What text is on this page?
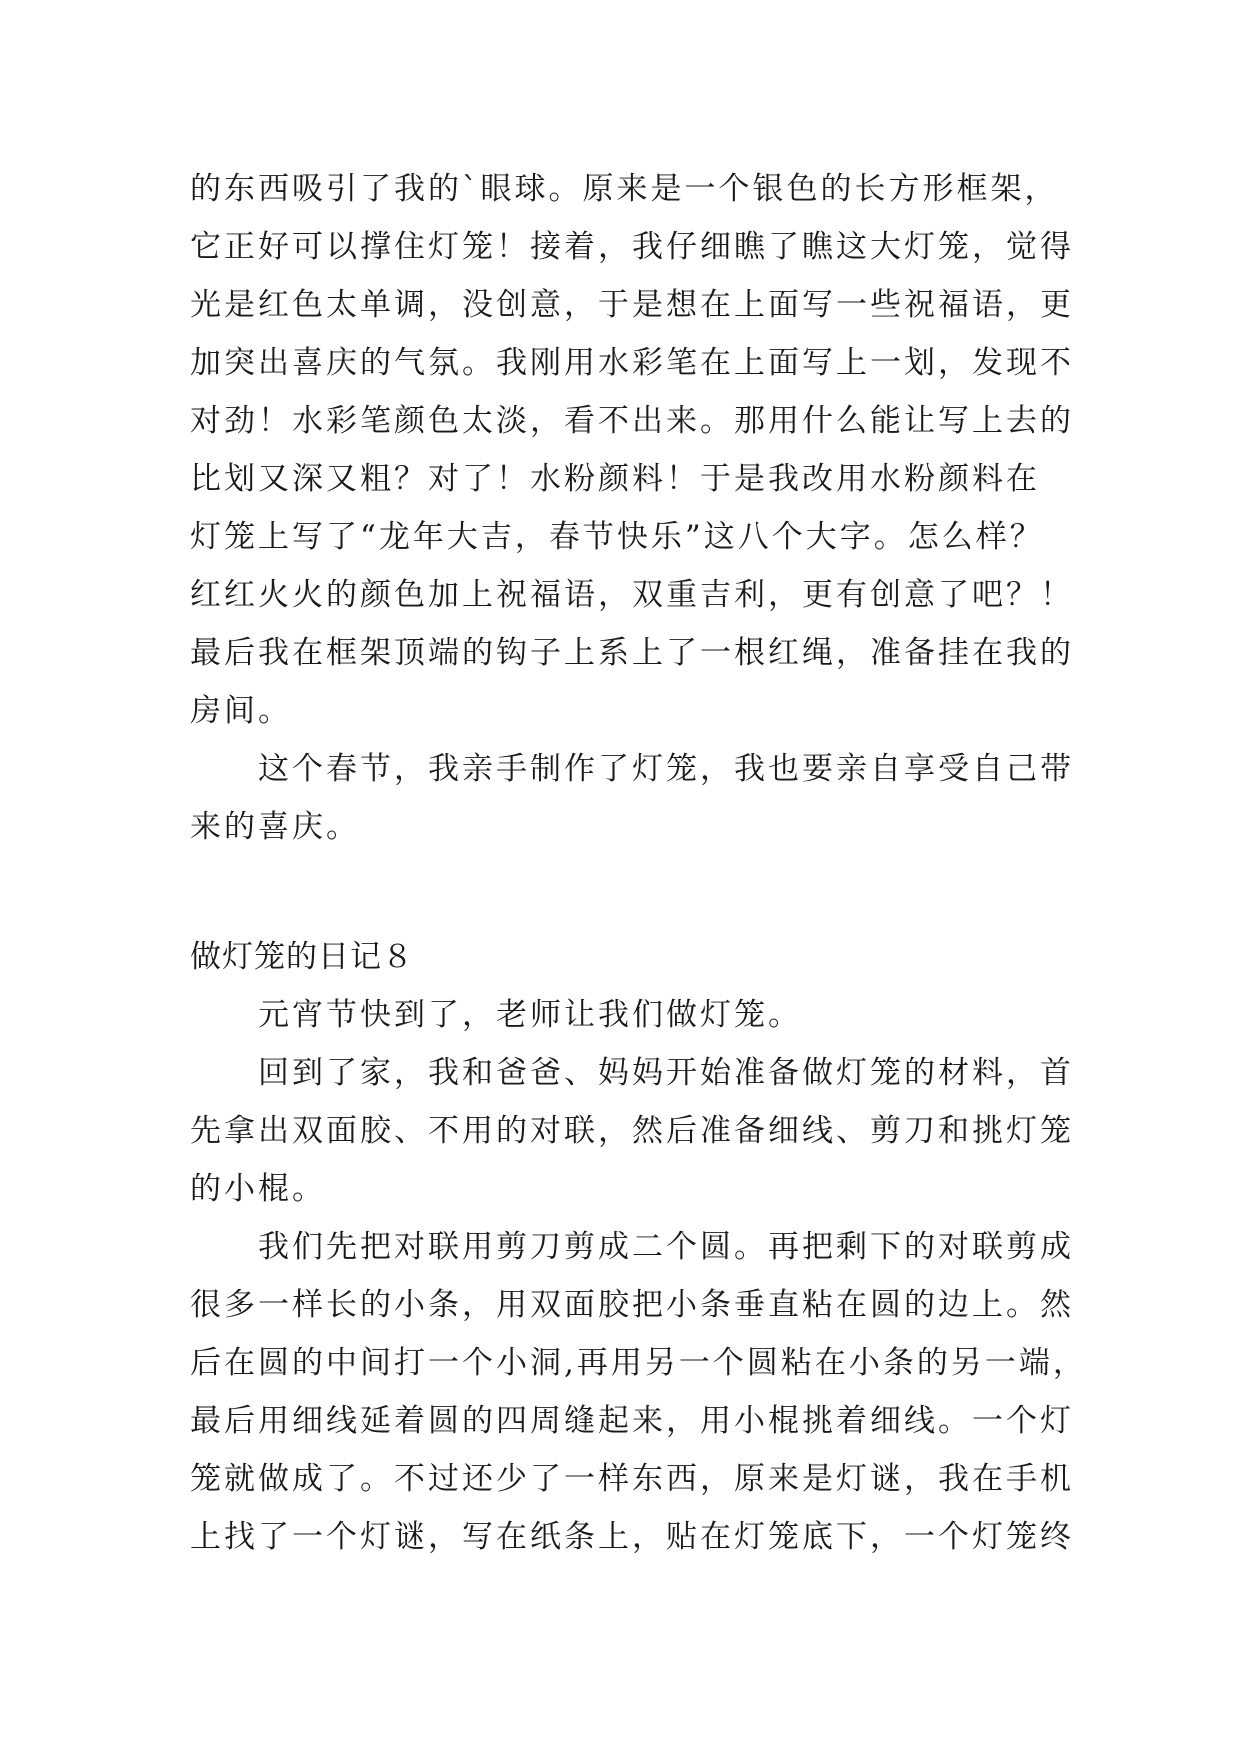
的东西吸引了我的`眼球。原来是一个银色的长方形框架，
它正好可以撑住灯笼！接着，我仔细瞧了瞧这大灯笼，觉得
光是红色太单调，没创意，于是想在上面写一些祝福语，更
加突出喜庆的气氛。我刚用水彩笔在上面写上一划，发现不
对劲！水彩笔颜色太淡，看不出来。那用什么能让写上去的
比划又深又粗？对了！水粉颜料！于是我改用水粉颜料在
灯笼上写了“龙年大吉，春节快乐”这八个大字。怎么样？
红红火火的颜色加上祝福语，双重吉利，更有创意了吧？！
最后我在框架顶端的钩子上系上了一根红绳，准备挂在我的
房间。
这个春节，我亲手制作了灯笼，我也要亲自享受自己带
来的喜庆。
做灯笼的日记８
元宵节快到了，老师让我们做灯笼。
回到了家，我和爸爸、妈妈开始准备做灯笼的材料，首
先拿出双面胶、不用的对联，然后准备细线、剪刀和挑灯笼
的小棍。
我们先把对联用剪刀剪成二个圆。再把剩下的对联剪成
很多一样长的小条，用双面胶把小条垂直粘在圆的边上。然
后在圆的中间打一个小洞,再用另一个圆粘在小条的另一端，
最后用细线延着圆的四周缝起来，用小棍挑着细线。一个灯
笼就做成了。不过还少了一样东西，原来是灯谜，我在手机
上找了一个灯谜，写在纸条上，贴在灯笼底下，一个灯笼终
